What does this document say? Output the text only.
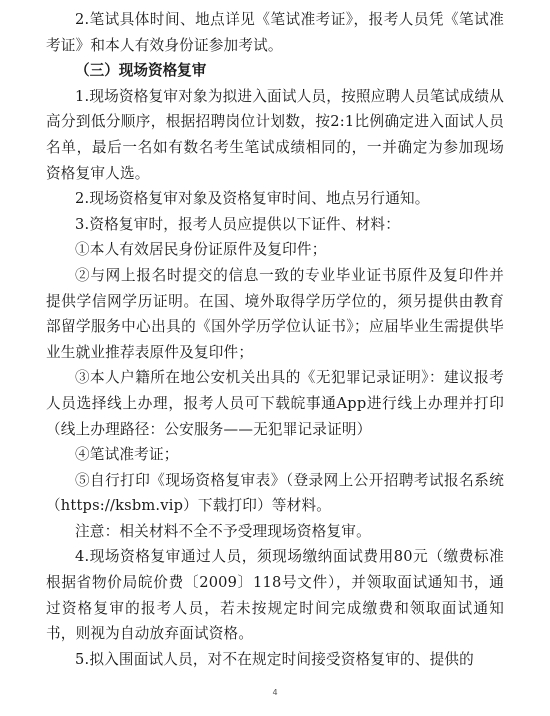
2.笔试具体时间、地点详见《笔试准考证》，报考人员凭《笔试准考证》和本人有效身份证参加考试。

（三）现场资格复审

1.现场资格复审对象为拟进入面试人员，按照应聘人员笔试成绩从高分到低分顺序，根据招聘岗位计划数，按2:1比例确定进入面试人员名单，最后一名如有数名考生笔试成绩相同的，一并确定为参加现场资格复审人选。

2.现场资格复审对象及资格复审时间、地点另行通知。

3.资格复审时，报考人员应提供以下证件、材料：

①本人有效居民身份证原件及复印件；

②与网上报名时提交的信息一致的专业毕业证书原件及复印件并提供学信网学历证明。在国、境外取得学历学位的，须另提供由教育部留学服务中心出具的《国外学历学位认证书》；应届毕业生需提供毕业生就业推荐表原件及复印件；

③本人户籍所在地公安机关出具的《无犯罪记录证明》：建议报考人员选择线上办理，报考人员可下载皖事通App进行线上办理并打印（线上办理路径：公安服务——无犯罪记录证明）

④笔试准考证；

⑤自行打印《现场资格复审表》（登录网上公开招聘考试报名系统（https://ksbm.vip）下载打印）等材料。

注意：相关材料不全不予受理现场资格复审。

4.现场资格复审通过人员，须现场缴纳面试费用80元（缴费标准根据省物价局皖价费〔2009〕118号文件），并领取面试通知书，通过资格复审的报考人员，若未按规定时间完成缴费和领取面试通知书，则视为自动放弃面试资格。

5.拟入围面试人员，对不在规定时间接受资格复审的、提供的

4
